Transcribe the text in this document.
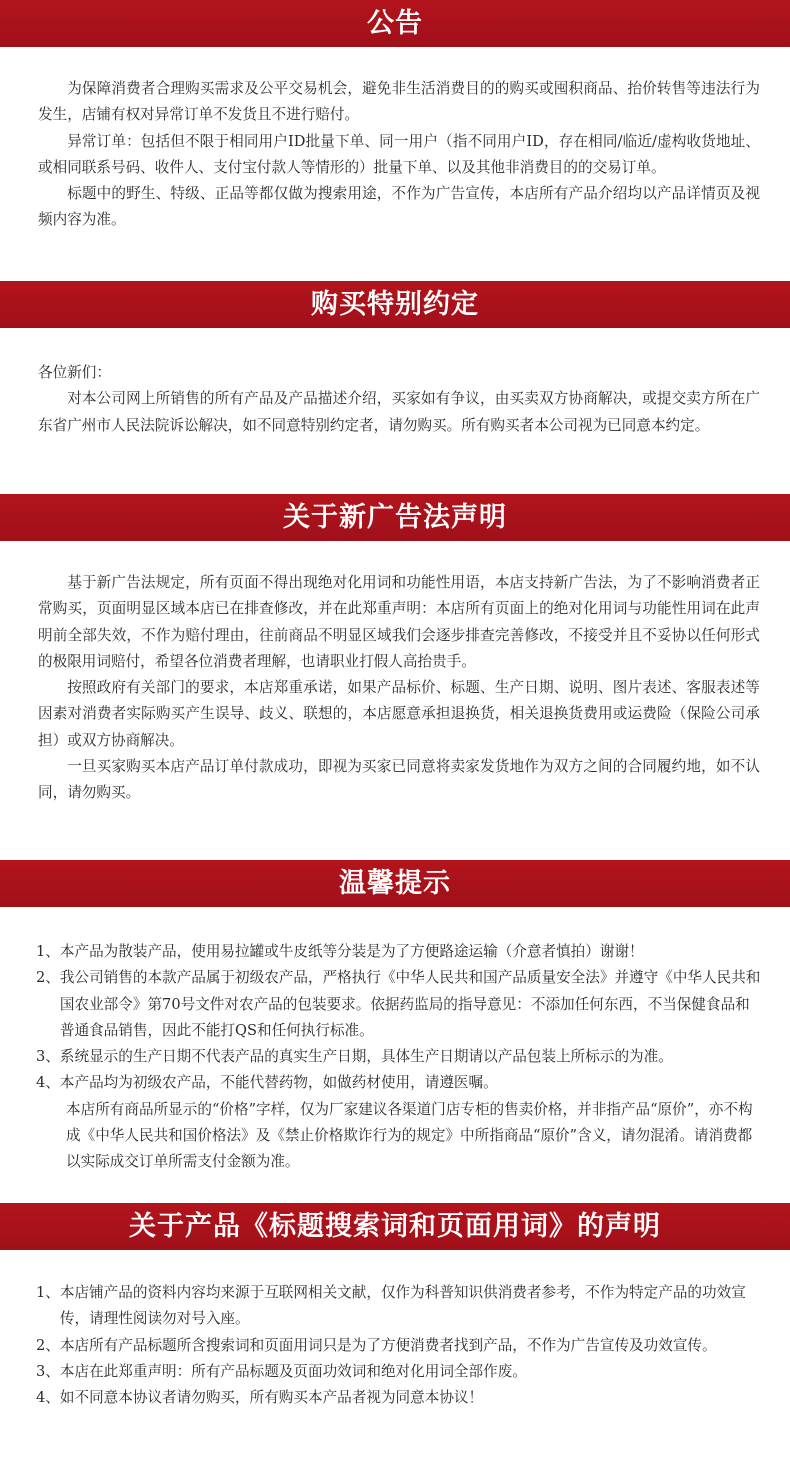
公告

为保障消费者合理购买需求及公平交易机会，避免非生活消费目的的购买或囤积商品、抬价转售等违法行为发生，店铺有权对异常订单不发货且不进行赔付。

异常订单：包括但不限于相同用户ID批量下单、同一用户（指不同用户ID，存在相同/临近/虚构收货地址、或相同联系号码、收件人、支付宝付款人等情形的）批量下单、以及其他非消费目的的交易订单。

标题中的野生、特级、正品等都仅做为搜索用途，不作为广告宣传，本店所有产品介绍均以产品详情页及视频内容为准。

购买特别约定

各位新们：

对本公司网上所销售的所有产品及产品描述介绍，买家如有争议，由买卖双方协商解决，或提交卖方所在广东省广州市人民法院诉讼解决，如不同意特别约定者，请勿购买。所有购买者本公司视为已同意本约定。

关于新广告法声明

基于新广告法规定，所有页面不得出现绝对化用词和功能性用语，本店支持新广告法，为了不影响消费者正常购买，页面明显区域本店已在排查修改，并在此郑重声明：本店所有页面上的绝对化用词与功能性用词在此声明前全部失效，不作为赔付理由，往前商品不明显区域我们会逐步排查完善修改，不接受并且不妥协以任何形式的极限用词赔付，希望各位消费者理解，也请职业打假人高抬贵手。

按照政府有关部门的要求，本店郑重承诺，如果产品标价、标题、生产日期、说明、图片表述、客服表述等因素对消费者实际购买产生误导、歧义、联想的，本店愿意承担退换货，相关退换货费用或运费险（保险公司承担）或双方协商解决。

一旦买家购买本店产品订单付款成功，即视为买家已同意将卖家发货地作为双方之间的合同履约地，如不认同，请勿购买。

温馨提示
1、 本产品为散装产品，使用易拉罐或牛皮纸等分装是为了方便路途运输（介意者慎拍）谢谢！
2、 我公司销售的本款产品属于初级农产品，严格执行《中华人民共和国产品质量安全法》并遵守《中华人民共和国农业部令》第70号文件对农产品的包装要求。依据药监局的指导意见：不添加任何东西，不当保健食品和普通食品销售，因此不能打QS和任何执行标准。
3、 系统显示的生产日期不代表产品的真实生产日期，具体生产日期请以产品包装上所标示的为准。
4、 本产品均为初级农产品，不能代替药物，如做药材使用，请遵医嘱。
本店所有商品所显示的“价格”字样，仅为厂家建议各渠道门店专柜的售卖价格，并非指产品“原价”，亦不构成《中华人民共和国价格法》及《禁止价格欺诈行为的规定》中所指商品“原价”含义，请勿混淆。请消费都以实际成交订单所需支付金额为准。
关于产品《标题搜索词和页面用词》的声明
1、 本店铺产品的资料内容均来源于互联网相关文献，仅作为科普知识供消费者参考，不作为特定产品的功效宣传，请理性阅读勿对号入座。
2、 本店所有产品标题所含搜索词和页面用词只是为了方便消费者找到产品，不作为广告宣传及功效宣传。
3、 本店在此郑重声明：所有产品标题及页面功效词和绝对化用词全部作废。
4、 如不同意本协议者请勿购买，所有购买本产品者视为同意本协议！
